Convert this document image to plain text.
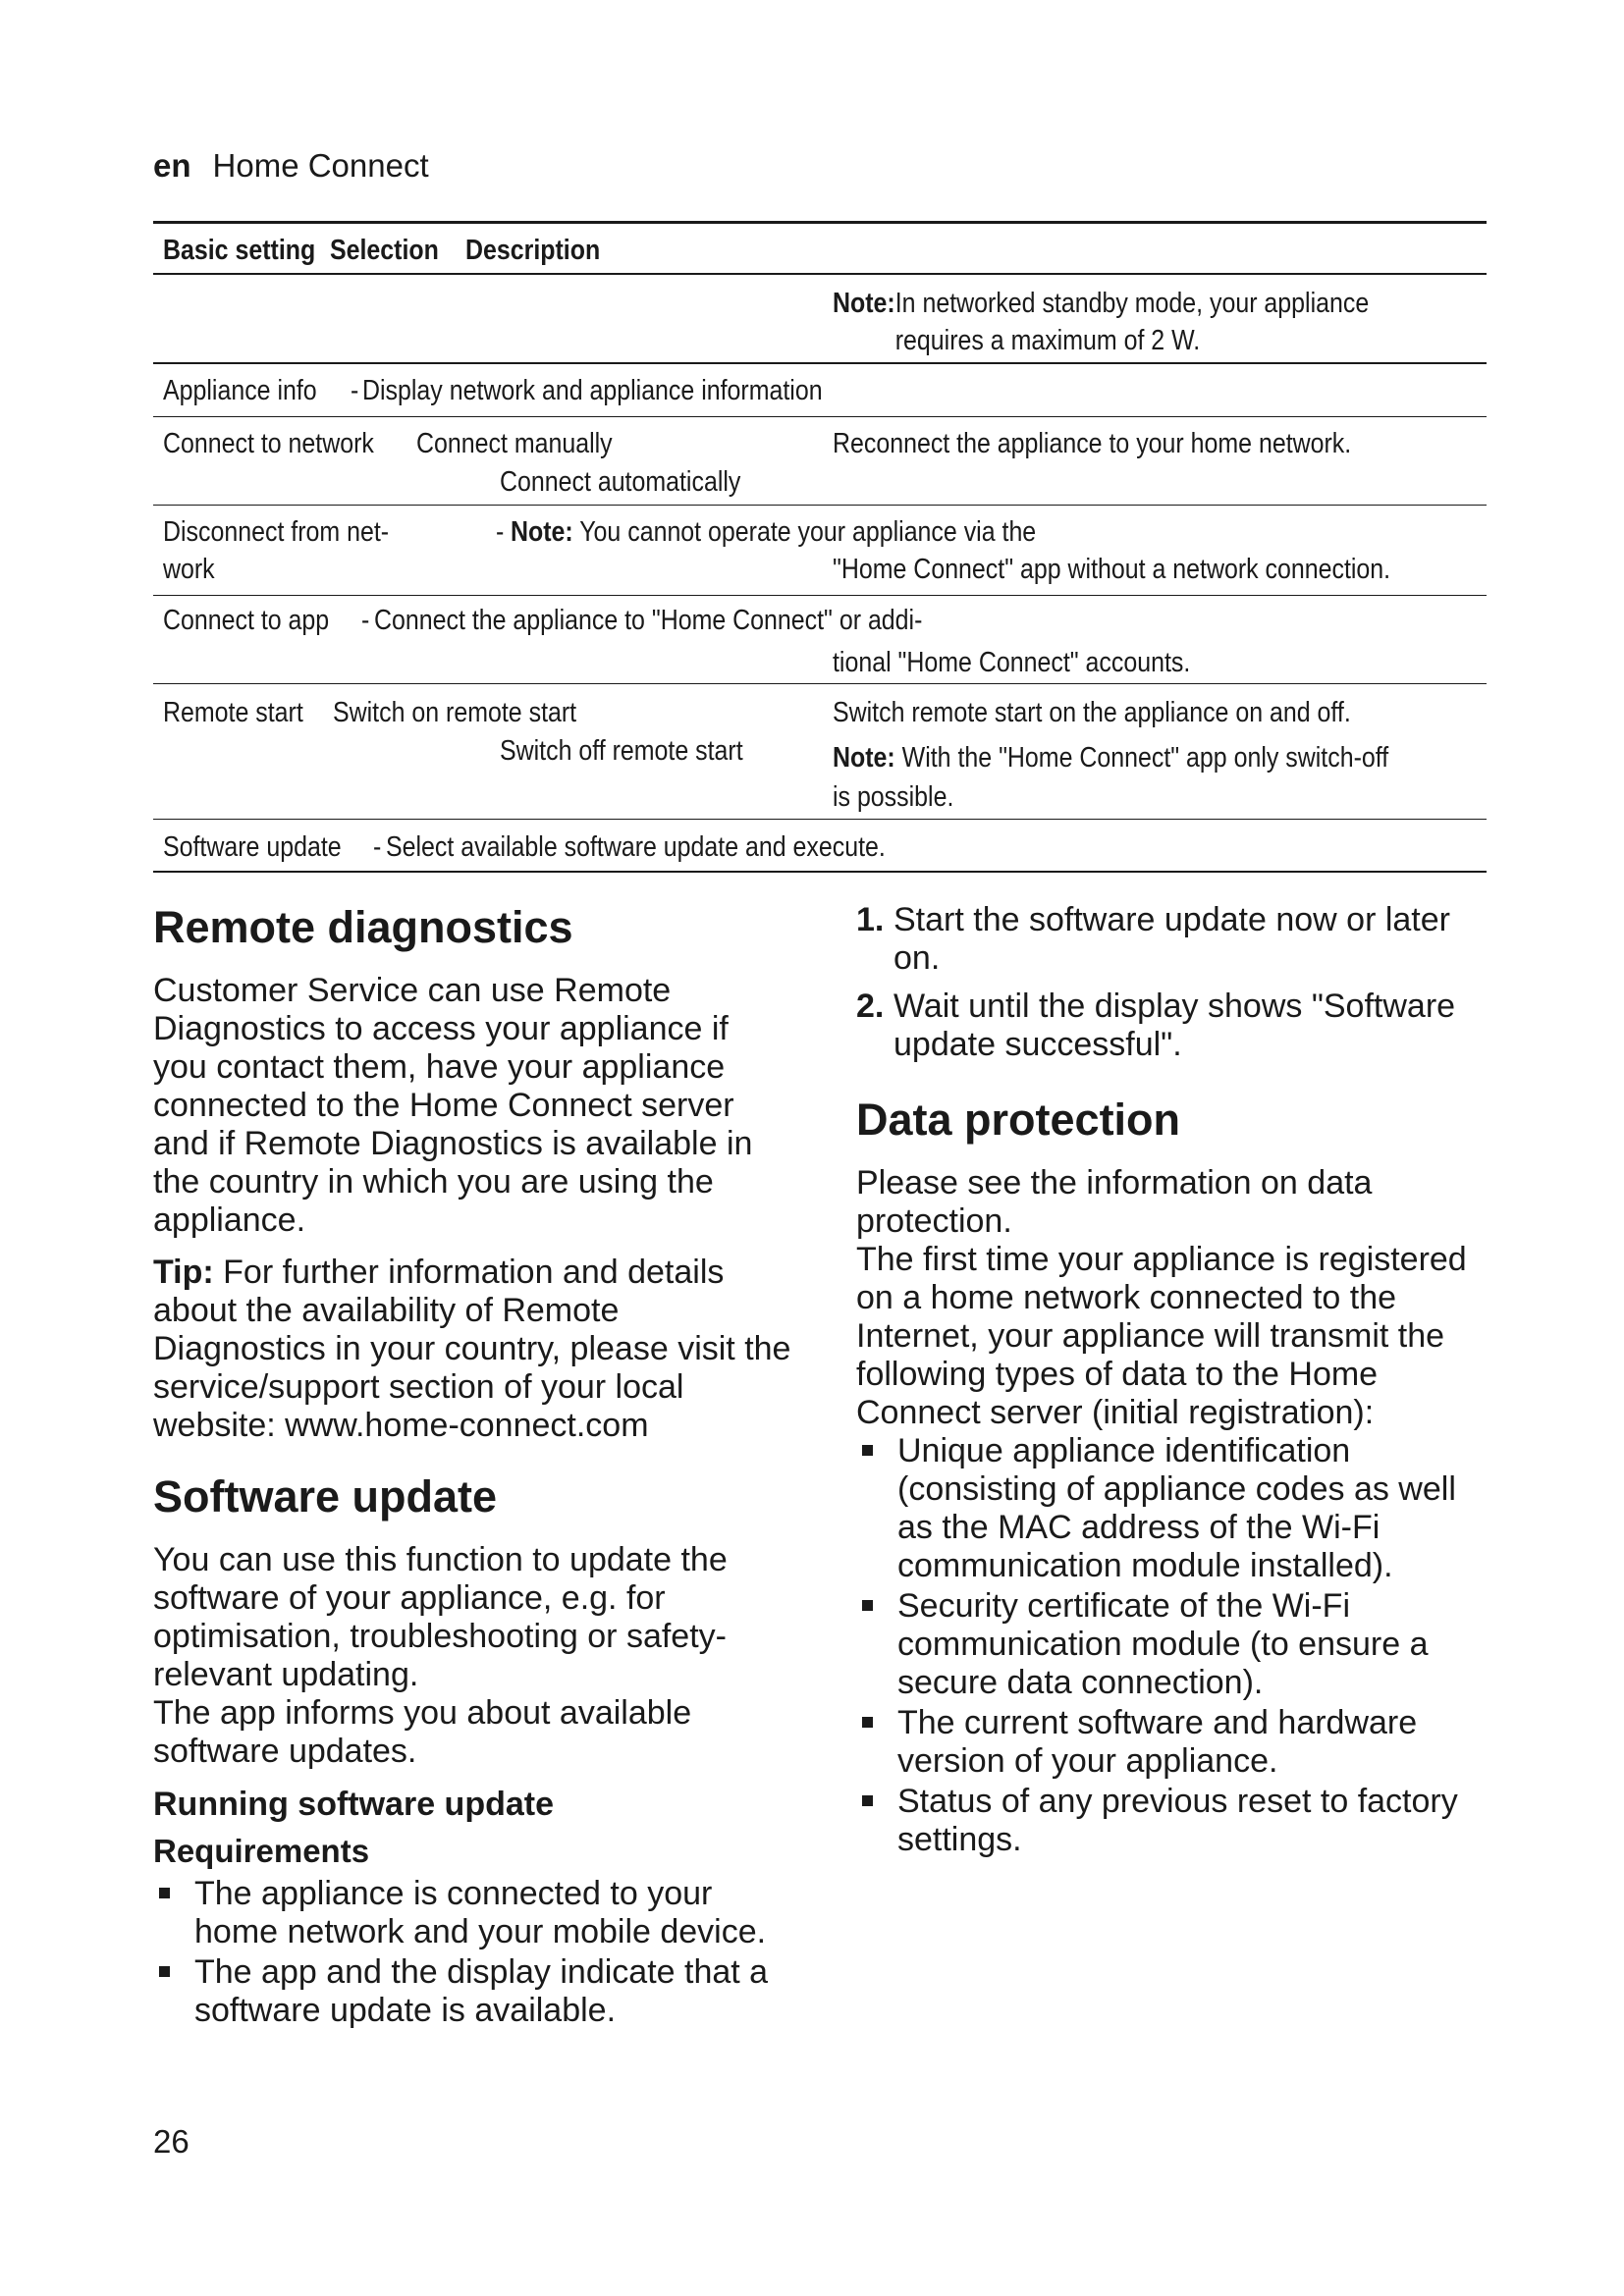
en Home Connect
Basic setting Selection Description
Note:In networked standby mode, your appliance requires a maximum of 2 W.
Appliance info - Display network and appliance information
Connect to network Connect manually
Connect automatically
Reconnect the appliance to your home network.
Disconnect from net-
work
- Note: You cannot operate your appliance via the
"Home Connect" app without a network connection.
Connect to app - Connect the appliance to "Home Connect" or addi-
tional "Home Connect" accounts.
Remote start Switch on remote start
Switch off remote start
Switch remote start on the appliance on and off.
Note: With the "Home Connect" app only switch-off
is possible.
Software update - Select available software update and execute.
Remote diagnostics

Customer Service can use Remote Diagnostics to access your appliance if you contact them, have your appliance connected to the Home Connect server and if Remote Diagnostics is available in the country in which you are using the appliance.

Tip: For further information and details about the availability of Remote Diagnostics in your country, please visit the service/support section of your local website: www.home-connect.com

Software update

You can use this function to update the software of your appliance, e.g. for optimisation, troubleshooting or safety-relevant updating.

The app informs you about available software updates.

Running software update
Requirements
The appliance is connected to your home network and your mobile device.
The app and the display indicate that a software update is available.
1. Start the software update now or later on.
2. Wait until the display shows "Software update successful".
Data protection

Please see the information on data protection.

The first time your appliance is registered on a home network connected to the Internet, your appliance will transmit the following types of data to the Home Connect server (initial registration):

Unique appliance identification (consisting of appliance codes as well as the MAC address of the Wi-Fi communication module installed).
Security certificate of the Wi-Fi communication module (to ensure a secure data connection).
The current software and hardware version of your appliance.
Status of any previous reset to factory settings.
26
